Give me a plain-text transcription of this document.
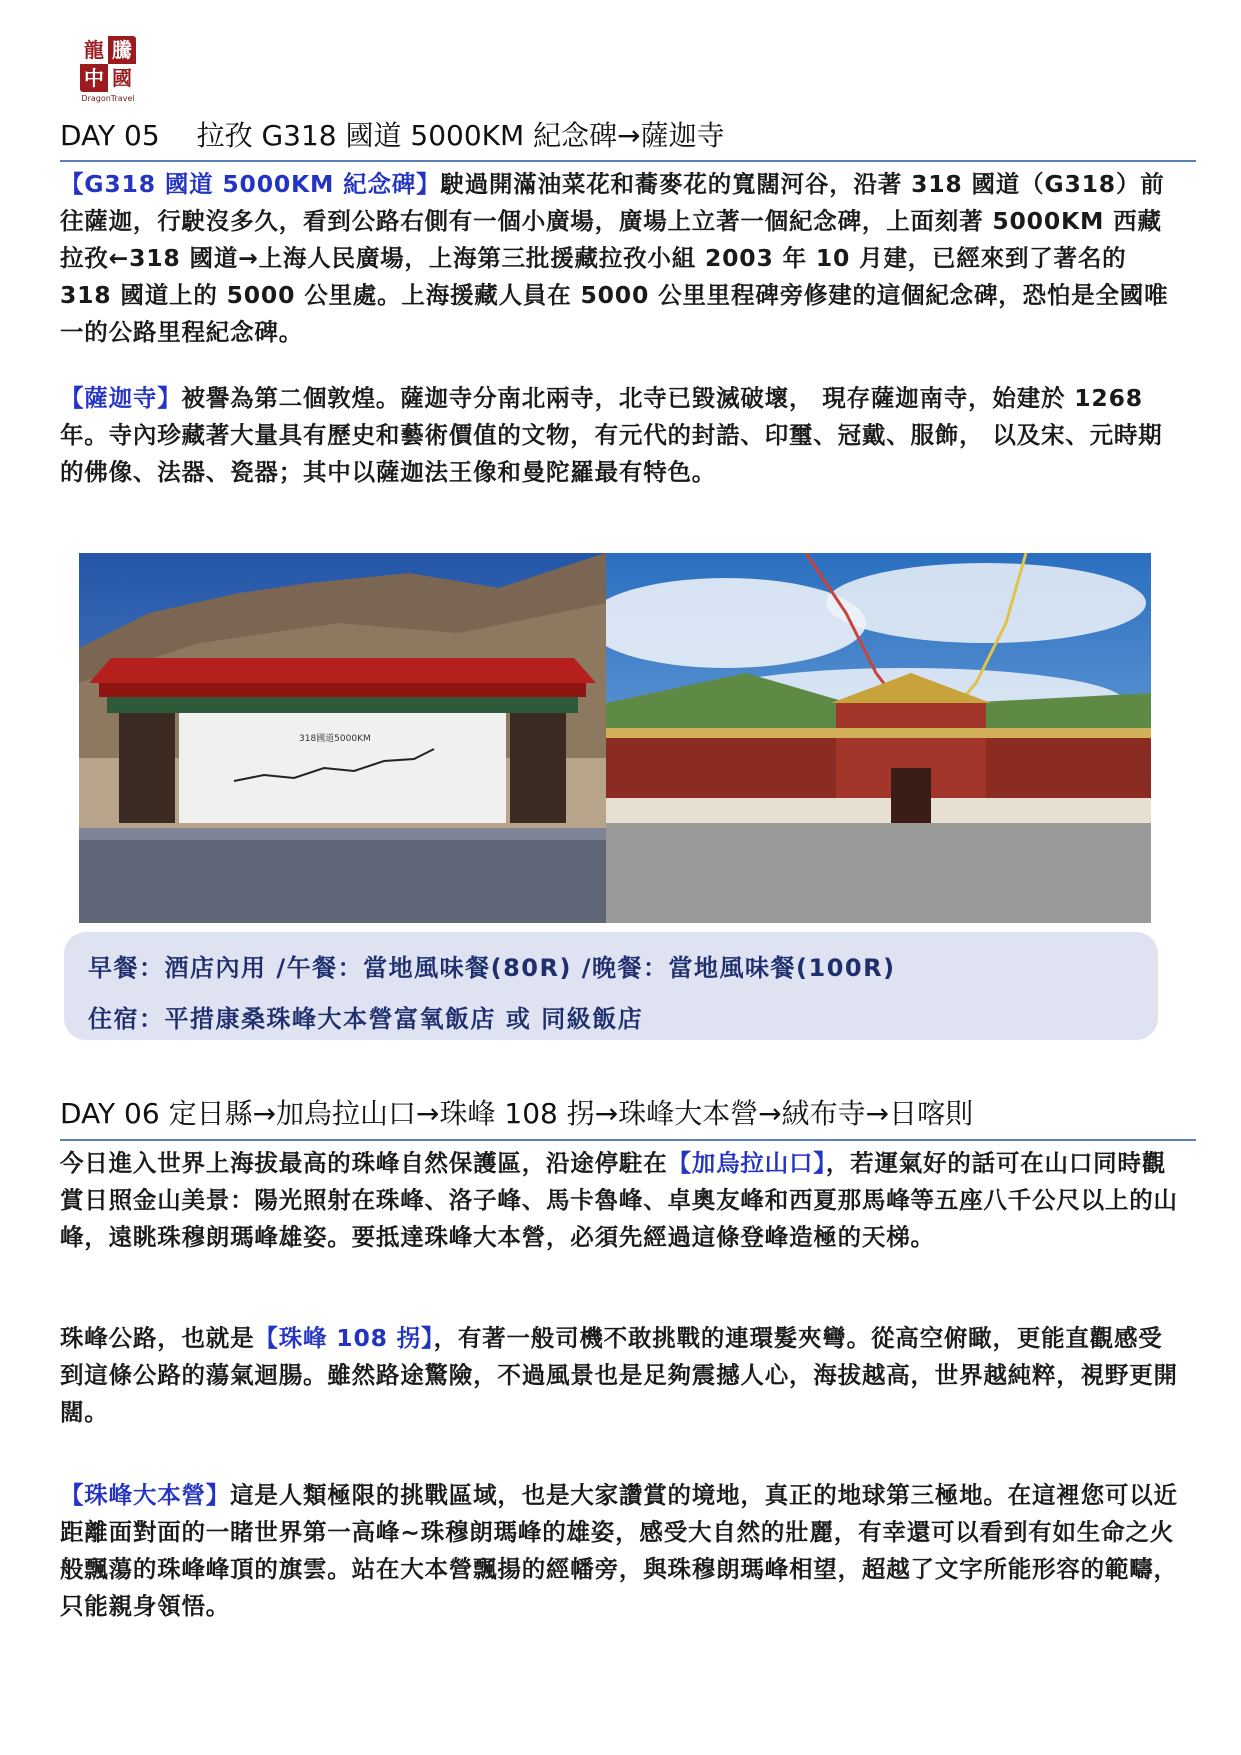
龍 騰
中 國
DragonTravel
DAY 05　 拉孜 G318 國道 5000KM 紀念碑→薩迦寺
【G318 國道 5000KM 紀念碑】駛過開滿油菜花和蕎麥花的寬闊河谷，沿著 318 國道（G318）前往薩迦，行駛沒多久，看到公路右側有一個小廣場，廣場上立著一個紀念碑，上面刻著 5000KM 西藏拉孜←318 國道→上海人民廣場，上海第三批援藏拉孜小組 2003 年 10 月建，已經來到了著名的 318 國道上的 5000 公里處。上海援藏人員在 5000 公里里程碑旁修建的這個紀念碑，恐怕是全國唯一的公路里程紀念碑。
【薩迦寺】被譽為第二個敦煌。薩迦寺分南北兩寺，北寺已毀滅破壞， 現存薩迦南寺，始建於 1268 年。寺內珍藏著大量具有歷史和藝術價值的文物，有元代的封誥、印璽、冠戴、服飾， 以及宋、元時期的佛像、法器、瓷器；其中以薩迦法王像和曼陀羅最有特色。
318國道5000KM
早餐：酒店內用 /午餐：當地風味餐(80R) /晚餐：當地風味餐(100R)
住宿：平措康桑珠峰大本營富氧飯店 或 同級飯店
DAY 06 定日縣→加烏拉山口→珠峰 108 拐→珠峰大本營→絨布寺→日喀則
今日進入世界上海拔最高的珠峰自然保護區，沿途停駐在【加烏拉山口】，若運氣好的話可在山口同時觀賞日照金山美景：陽光照射在珠峰、洛子峰、馬卡魯峰、卓奧友峰和西夏那馬峰等五座八千公尺以上的山峰，遠眺珠穆朗瑪峰雄姿。要抵達珠峰大本營，必須先經過這條登峰造極的天梯。
珠峰公路，也就是【珠峰 108 拐】，有著一般司機不敢挑戰的連環髮夾彎。從高空俯瞰，更能直觀感受到這條公路的蕩氣迴腸。雖然路途驚險，不過風景也是足夠震撼人心，海拔越高，世界越純粹，視野更開闊。
【珠峰大本營】這是人類極限的挑戰區域，也是大家讚賞的境地，真正的地球第三極地。在這裡您可以近距離面對面的一睹世界第一高峰~珠穆朗瑪峰的雄姿，感受大自然的壯麗，有幸還可以看到有如生命之火般飄蕩的珠峰峰頂的旗雲。站在大本營飄揚的經幡旁，與珠穆朗瑪峰相望，超越了文字所能形容的範疇，只能親身領悟。
